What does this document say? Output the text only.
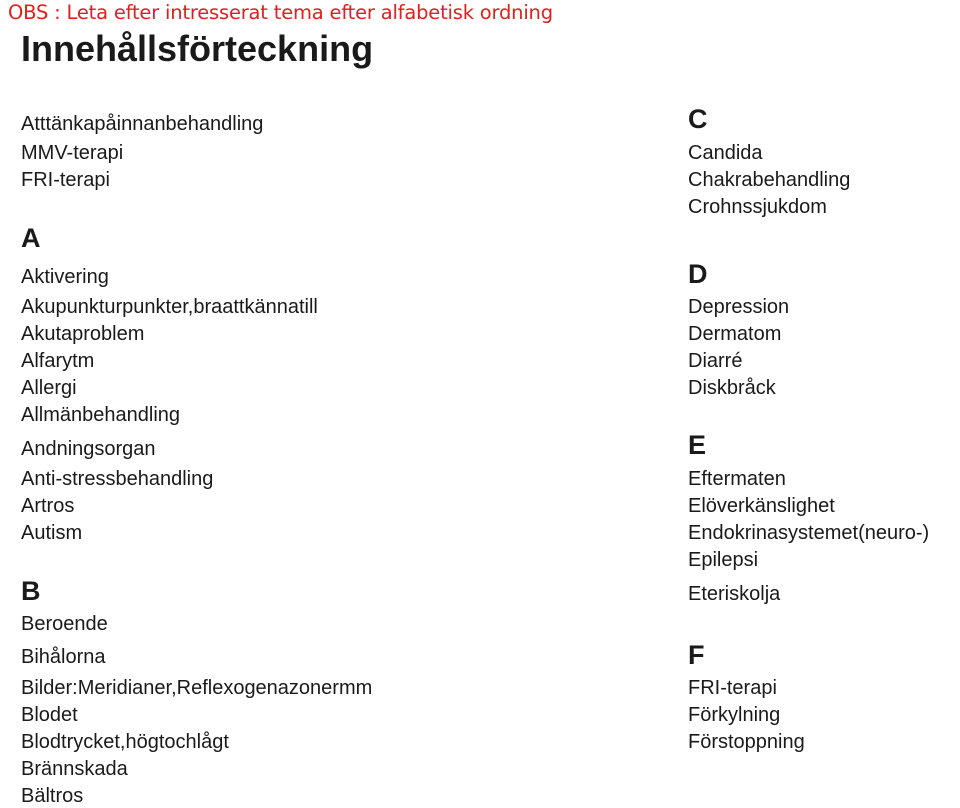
OBS : Leta efter intresserat tema efter alfabetisk ordning
Innehållsförteckning
Atttänkapåinnanbehandling
MMV-terapi
FRI-terapi
A
Aktivering
Akupunkturpunkter,braattkännatill
Akutaproblem
Alfarytm
Allergi
Allmänbehandling
Andningsorgan
Anti-stressbehandling
Artros
Autism
B
Beroende
Bihålorna
Bilder:Meridianer,Reflexogenazonermm
Blodet
Blodtrycket,högtochlågt
Brännskada
Bältros
C
Candida
Chakrabehandling
Crohnssjukdom
D
Depression
Dermatom
Diarré
Diskbråck
E
Eftermaten
Elöverkänslighet
Endokrinasystemet(neuro-)
Epilepsi
Eteriskolja
F
FRI-terapi
Förkylning
Förstoppning
